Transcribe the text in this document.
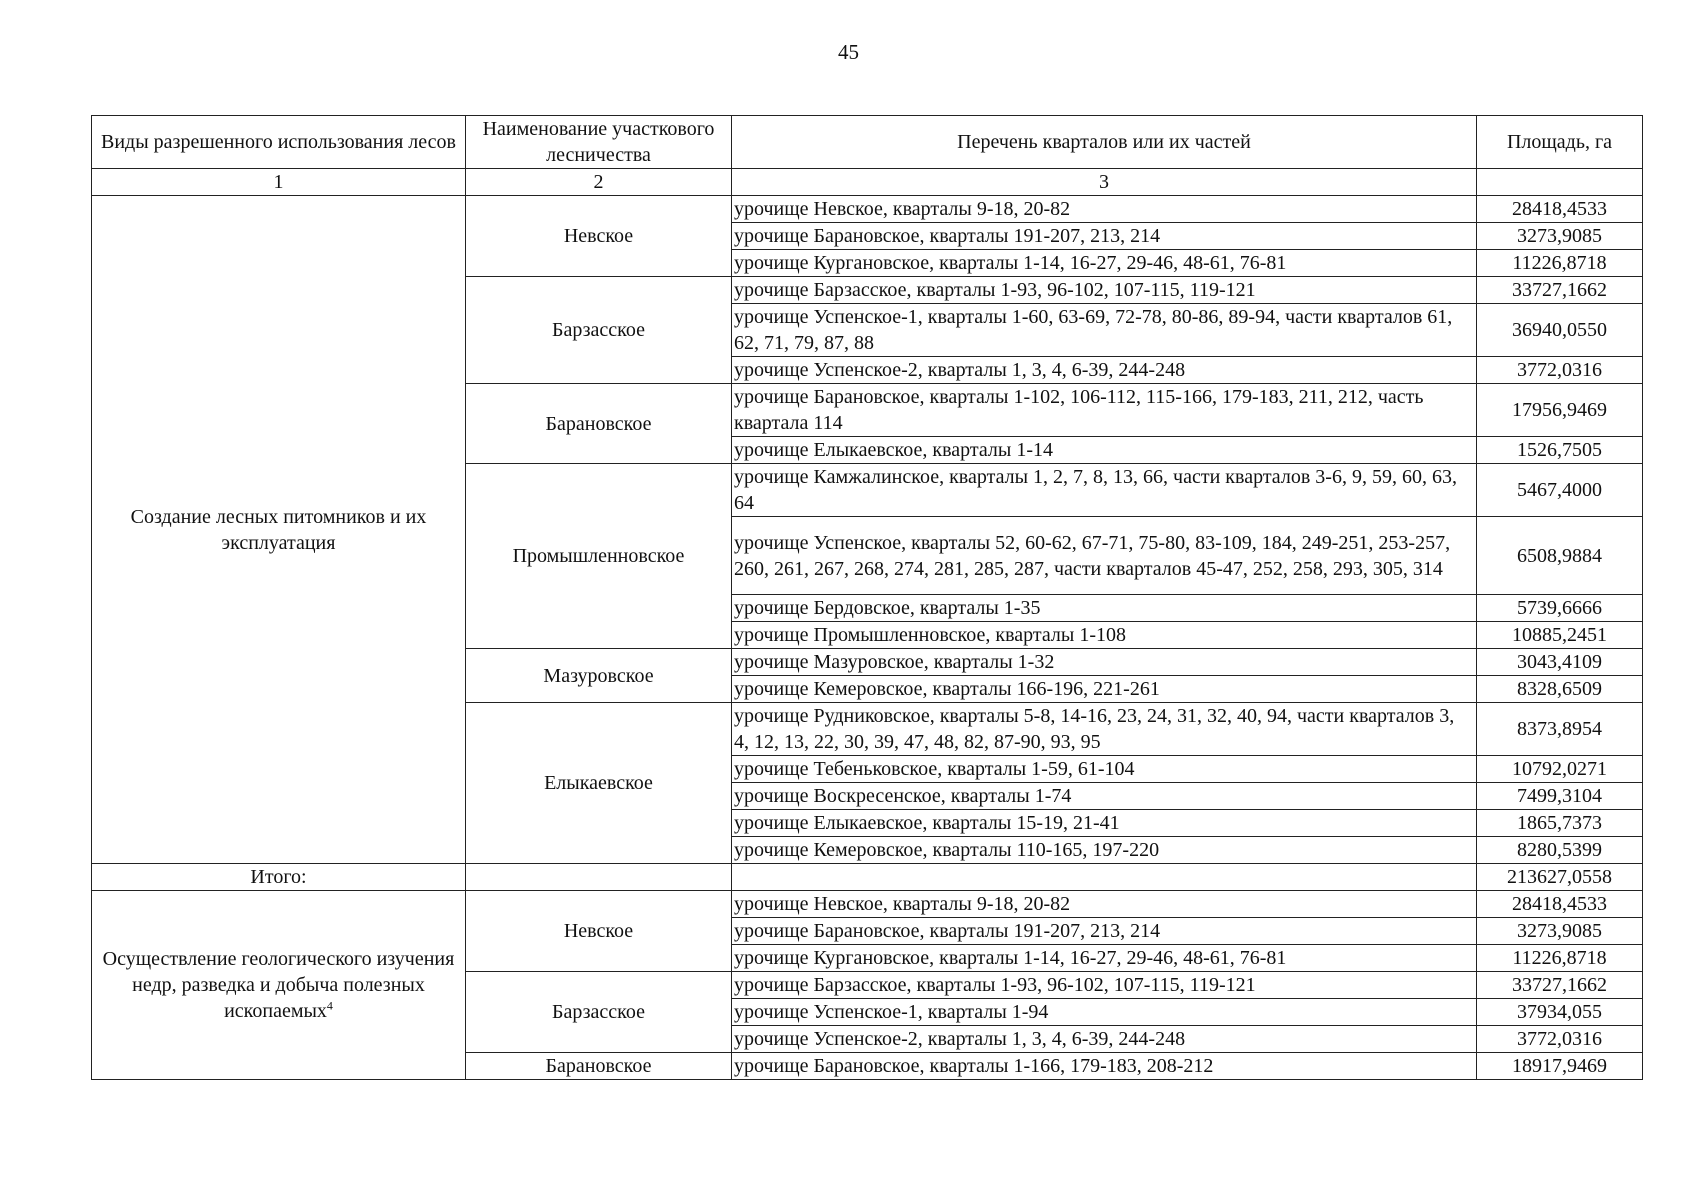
45
Виды разрешенного использования лесов	Наименование участкового лесничества	Перечень кварталов или их частей	Площадь, га
1	2	3	
Создание лесных питомников и их эксплуатация	Невское	урочище Невское, кварталы 9-18, 20-82	28418,4533
		урочище Барановское, кварталы 191-207, 213, 214	3273,9085
		урочище Кургановское, кварталы 1-14, 16-27, 29-46, 48-61, 76-81	11226,8718
	Барзасское	урочище Барзасское, кварталы 1-93, 96-102, 107-115, 119-121	33727,1662
		урочище Успенское-1, кварталы 1-60, 63-69, 72-78, 80-86, 89-94, части кварталов 61, 62, 71, 79, 87, 88	36940,0550
		урочище Успенское-2, кварталы 1, 3, 4, 6-39, 244-248	3772,0316
	Барановское	урочище Барановское, кварталы 1-102, 106-112, 115-166, 179-183, 211, 212, часть квартала 114	17956,9469
		урочище Елыкаевское, кварталы 1-14	1526,7505
	Промышленновское	урочище Камжалинское, кварталы 1, 2, 7, 8, 13, 66, части кварталов 3-6, 9, 59, 60, 63, 64	5467,4000
		урочище Успенское, кварталы 52, 60-62, 67-71, 75-80, 83-109, 184, 249-251, 253-257, 260, 261, 267, 268, 274, 281, 285, 287, части кварталов 45-47, 252, 258, 293, 305, 314	6508,9884
		урочище Бердовское, кварталы 1-35	5739,6666
		урочище Промышленновское, кварталы 1-108	10885,2451
	Мазуровское	урочище Мазуровское, кварталы 1-32	3043,4109
		урочище Кемеровское, кварталы 166-196, 221-261	8328,6509
	Елыкаевское	урочище Рудниковское, кварталы 5-8, 14-16, 23, 24, 31, 32, 40, 94, части кварталов 3, 4, 12, 13, 22, 30, 39, 47, 48, 82, 87-90, 93, 95	8373,8954
		урочище Тебеньковское, кварталы 1-59, 61-104	10792,0271
		урочище Воскресенское, кварталы 1-74	7499,3104
		урочище Елыкаевское, кварталы 15-19, 21-41	1865,7373
		урочище Кемеровское, кварталы 110-165, 197-220	8280,5399
Итого:			213627,0558
Осуществление геологического изучения недр, разведка и добыча полезных ископаемых$^4$	Невское	урочище Невское, кварталы 9-18, 20-82	28418,4533
		урочище Барановское, кварталы 191-207, 213, 214	3273,9085
		урочище Кургановское, кварталы 1-14, 16-27, 29-46, 48-61, 76-81	11226,8718
	Барзасское	урочище Барзасское, кварталы 1-93, 96-102, 107-115, 119-121	33727,1662
		урочище Успенское-1, кварталы 1-94	37934,055
		урочище Успенское-2, кварталы 1, 3, 4, 6-39, 244-248	3772,0316
	Барановское	урочище Барановское, кварталы 1-166, 179-183, 208-212	18917,9469
